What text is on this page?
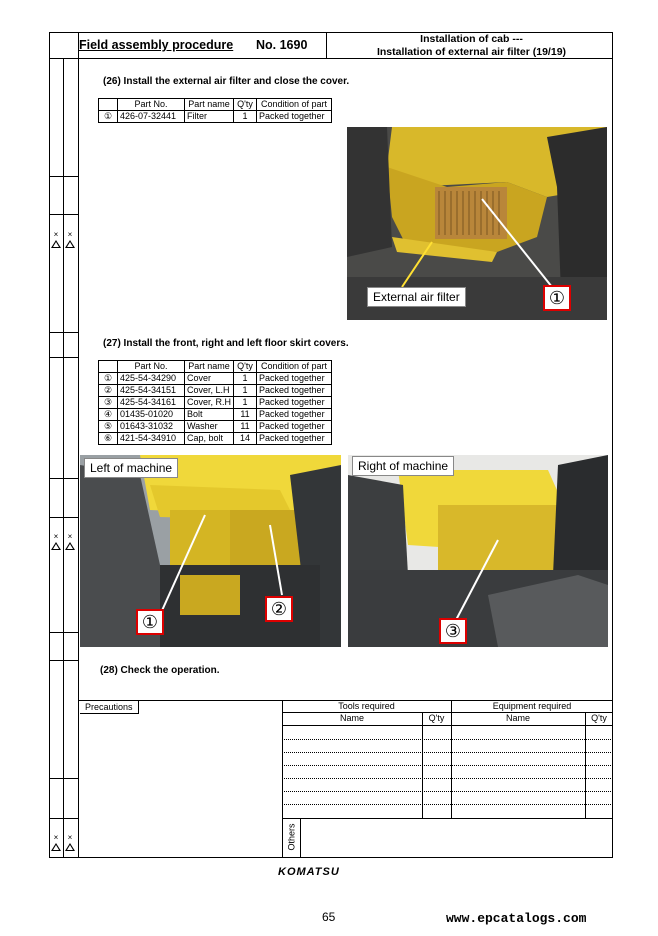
×	×
×	×
×	×
Field assembly procedure No. 1690	Installation of cab ---
Installation of external air filter (19/19)
(26) Install the external air filter and close the cover.
	Part No.	Part name	Q'ty	Condition of part
①	426-07-32441	Filter	1	Packed together
External air filter	①
(27) Install the front, right and left floor skirt covers.
	Part No.	Part name	Q'ty	Condition of part
①	425-54-34290	Cover	1	Packed together
②	425-54-34151	Cover, L.H	1	Packed together
③	425-54-34161	Cover, R.H	1	Packed together
④	01435-01020	Bolt	11	Packed together
⑤	01643-31032	Washer	11	Packed together
⑥	421-54-34910	Cap, bolt	14	Packed together
Left of machine
①
②
Right of machine
③
(28) Check the operation.
Precautions	Tools required	Equipment required
Name	Q'ty	Name	Q'ty
Others
KOMATSU
65	www.epcatalogs.com
